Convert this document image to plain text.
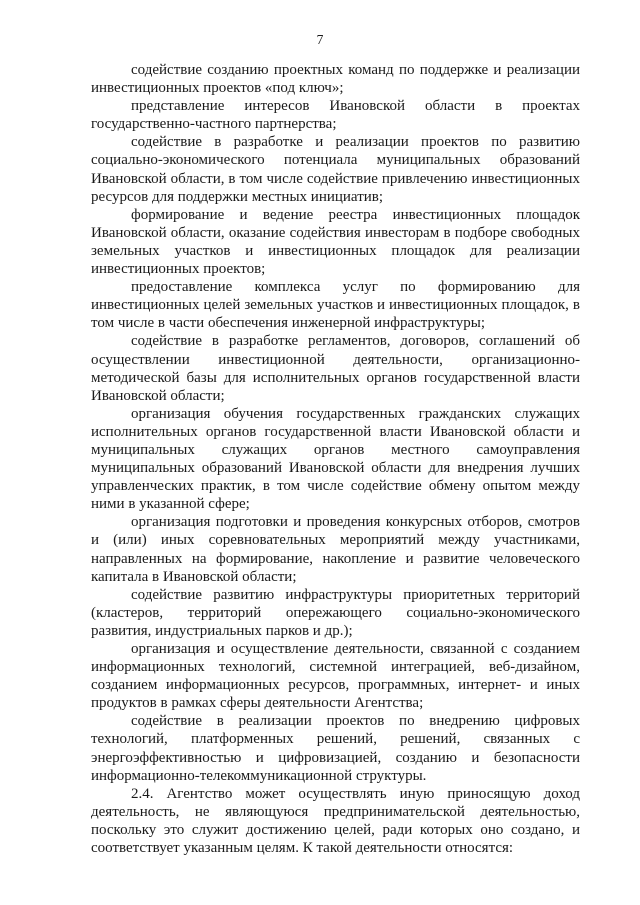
7

содействие созданию проектных команд по поддержке и реализации инвестиционных проектов «под ключ»;

представление интересов Ивановской области в проектах государственно-частного партнерства;

содействие в разработке и реализации проектов по развитию социально-экономического потенциала муниципальных образований Ивановской области, в том числе содействие привлечению инвестиционных ресурсов для поддержки местных инициатив;

формирование и ведение реестра инвестиционных площадок Ивановской области, оказание содействия инвесторам в подборе свободных земельных участков и инвестиционных площадок для реализации инвестиционных проектов;

предоставление комплекса услуг по формированию для инвестиционных целей земельных участков и инвестиционных площадок, в том числе в части обеспечения инженерной инфраструктуры;

содействие в разработке регламентов, договоров, соглашений об осуществлении инвестиционной деятельности, организационно-методической базы для исполнительных органов государственной власти Ивановской области;

организация обучения государственных гражданских служащих исполнительных органов государственной власти Ивановской области и муниципальных служащих органов местного самоуправления муниципальных образований Ивановской области для внедрения лучших управленческих практик, в том числе содействие обмену опытом между ними в указанной сфере;

организация подготовки и проведения конкурсных отборов, смотров и (или) иных соревновательных мероприятий между участниками, направленных на формирование, накопление и развитие человеческого капитала в Ивановской области;

содействие развитию инфраструктуры приоритетных территорий (кластеров, территорий опережающего социально-экономического развития, индустриальных парков и др.);

организация и осуществление деятельности, связанной с созданием информационных технологий, системной интеграцией, веб-дизайном, созданием информационных ресурсов, программных, интернет- и иных продуктов в рамках сферы деятельности Агентства;

содействие в реализации проектов по внедрению цифровых технологий, платформенных решений, решений, связанных с энергоэффективностью и цифровизацией, созданию и безопасности информационно-телекоммуникационной структуры.

2.4. Агентство может осуществлять иную приносящую доход деятельность, не являющуюся предпринимательской деятельностью, поскольку это служит достижению целей, ради которых оно создано, и соответствует указанным целям. К такой деятельности относятся:
